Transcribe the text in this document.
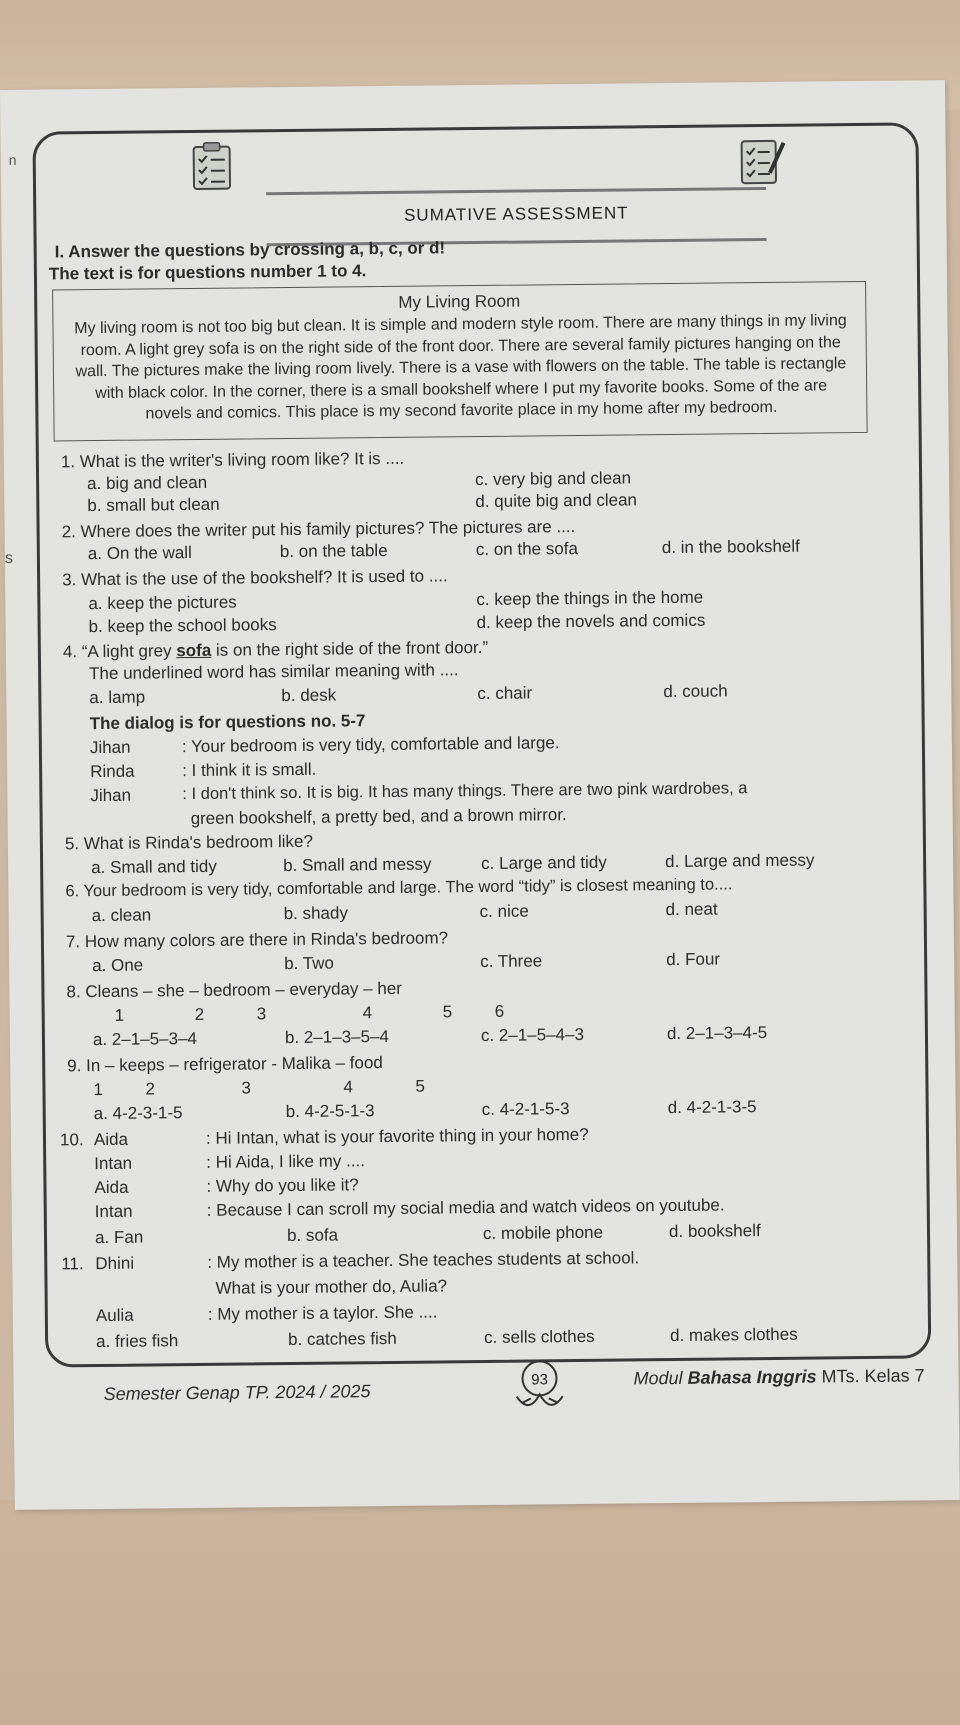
n
s
SUMATIVE ASSESSMENT
I. Answer the questions by crossing a, b, c, or d!
The text is for questions number 1 to 4.
My Living Room
My living room is not too big but clean. It is simple and modern style room. There are many things in my living room. A light grey sofa is on the right side of the front door. There are several family pictures hanging on the wall. The pictures make the living room lively. There is a vase with flowers on the table. The table is rectangle with black color. In the corner, there is a small bookshelf where I put my favorite books. Some of the are novels and comics. This place is my second favorite place in my home after my bedroom.
1. What is the writer's living room like? It is ....
a. big and clean
b. small but clean
c. very big and clean
d. quite big and clean
2. Where does the writer put his family pictures? The pictures are ....
a. On the wall	b. on the table	c. on the sofa	d. in the bookshelf
3. What is the use of the bookshelf? It is used to ....
a. keep the pictures
b. keep the school books
c. keep the things in the home
d. keep the novels and comics
4. “A light grey sofa is on the right side of the front door.”
The underlined word has similar meaning with ....
a. lamp	b. desk	c. chair	d. couch
The dialog is for questions no. 5-7
Jihan	: Your bedroom is very tidy, comfortable and large.
Rinda	: I think it is small.
Jihan	: I don't think so. It is big. It has many things. There are two pink wardrobes, a
green bookshelf, a pretty bed, and a brown mirror.
5. What is Rinda's bedroom like?
a. Small and tidy	b. Small and messy	c. Large and tidy	d. Large and messy
6. Your bedroom is very tidy, comfortable and large. The word “tidy” is closest meaning to....
a. clean	b. shady	c. nice	d. neat
7. How many colors are there in Rinda's bedroom?
a. One	b. Two	c. Three	d. Four
8. Cleans – she – bedroom – everyday – her
1	2	3	4	5 6
a. 2–1–5–3–4	b. 2–1–3–5–4	c. 2–1–5–4–3	d. 2–1–3–4-5
9. In – keeps – refrigerator - Malika – food
1 2	3	4	5
a. 4-2-3-1-5	b. 4-2-5-1-3	c. 4-2-1-5-3	d. 4-2-1-3-5
10. Aida	: Hi Intan, what is your favorite thing in your home?
Intan	: Hi Aida, I like my ....
Aida	: Why do you like it?
Intan	: Because I can scroll my social media and watch videos on youtube.
a. Fan	b. sofa	c. mobile phone	d. bookshelf
11. Dhini	: My mother is a teacher. She teaches students at school.
What is your mother do, Aulia?
Aulia	: My mother is a taylor. She ....
a. fries fish	b. catches fish	c. sells clothes	d. makes clothes
Semester Genap TP. 2024 / 2025
93	Modul Bahasa Inggris MTs. Kelas 7
